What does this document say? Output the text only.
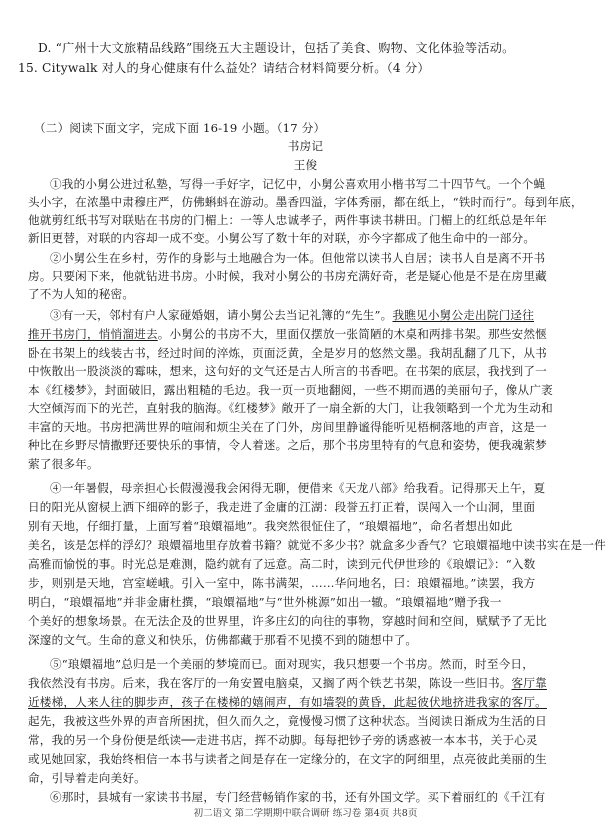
D. “广州十大文旅精品线路”围绕五大主题设计，包括了美食、购物、文化体验等活动。
15. Citywalk 对人的身心健康有什么益处？请结合材料简要分析。（4 分）
（二）阅读下面文字，完成下面 16-19 小题。（17 分）
书房记
王俊
①我的小舅公进过私塾，写得一手好字，记忆中，小舅公喜欢用小楷书写二十四节气。一个个蝇
头小字，在浓墨中肃穆庄严，仿佛蝌蚪在游动。墨香四溢，字体秀丽，都在纸上，“铁时而行”。每到年底，
他就剪红纸书写对联贴在书房的门楣上：一等人忠诚孝子，两件事读书耕田。门楣上的红纸总是年年
新旧更替，对联的内容却一成不变。小舅公写了数十年的对联，亦今字都成了他生命中的一部分。
②小舅公生在乡村，劳作的身影与土地融合为一体。但他常以读书人自居；读书人自是离不开书
房。只要闲下来，他就钻进书房。小时候，我对小舅公的书房充满好奇，老是疑心他是不是在房里藏
了不为人知的秘密。
③有一天，邻村有户人家碰婚姻，请小舅公去当记礼簿的“先生”。我瞧见小舅公走出院门迳往
推开书房门，悄悄溜进去。小舅公的书房不大，里面仅摆放一张简陋的木桌和两排书架。那些安然惬
卧在书架上的线装古书，经过时间的淬炼，页面泛黄，全是岁月的悠然文墨。我胡乱翻了几下，从书
中恢散出一股淡淡的霉味，想来，这句好的文气还是古人所言的书香吧。在书架的底层，我找到了一
本《红楼梦》，封面破旧，露出粗糙的毛边。我一页一页地翻阅，一些不期而遇的美丽句子，像从广袤
大空倾泻而下的光芒，直射我的脑海。《红楼梦》敞开了一扇全新的大门，让我领略到一个尤为生动和
丰富的天地。书房把满世界的喧闹和烦尘关在了门外，房间里静谧得能听见梧桐落地的声音，这是一
种比在乡野尽情撒野还要快乐的事情，令人着迷。之后，那个书房里特有的气息和姿势，便我魂萦梦
萦了很多年。
④一年暑假，母亲担心长假漫漫我会闲得无聊，便借来《天龙八部》给我看。记得那天上午，夏
日的阳光从窗棂上洒下细碎的影子，我走进了金庸的江湖：段誉五打正着，误闯入一个山洞，里面
别有天地，仔细打量，上面写着“琅嬛福地”。我突然很怔住了，“琅嬛福地”，命名者想出如此
美名，该是怎样的浮幻？琅嬛福地里存放着书籍？就觉不多少书？就盒多少香气？它琅嬛福地中读书实在是一件
高雅而愉悦的事。时光总是难测，隐约就有了远意。高二时，读到元代伊世珍的《琅嬛记》：“入数
步，则别是天地，宫室嵯峨。引入一室中，陈书满架，……华问地名，曰：琅嬛福地。”读罢，我方
明白，“琅嬛福地”并非金庸杜撰，“琅嬛福地”与“世外桃源”如出一辙。“琅嬛福地”赠予我一
个美好的想象场景。在无法企及的世界里，许多庄幻的向往的事物，穿越时间和空间，赋赋予了无比
深邃的文气。生命的意义和快乐，仿佛都藏于那看不见摸不到的随想中了。
⑤“琅嬛福地”总归是一个美丽的梦境而已。面对现实，我只想要一个书房。然而，时至今日，
我依然没有书房。后来，我在客厅的一角安置电脑桌，又搁了两个铁艺书架，陈设一些旧书。客厅靠
近楼梯，人来人往的脚步声，孩子在楼梯的嬉闹声，有如墙裂的黄昏，此起彼伏地挤进我家的客厅。
起先，我被这些外界的声音所困扰，但久而久之，竟慢慢习惯了这种状态。当阅读日渐成为生活的日
常，我的另一个身份便是纸读──走进书店，挥不动脚。每每把钞子旁的诱惑被一本本书，关于心灵
或见她回家，我始终相信一本书与读者之间是存在一定缘分的，在文字的阿细里，点亮彼此美丽的生
命，引导着走向美好。
⑥那时，县城有一家读书书屋，专门经营畅销作家的书，还有外国文学。买下着丽红的《千江有
初二语文 第二学期期中联合调研 练习卷 第4页 共8页
